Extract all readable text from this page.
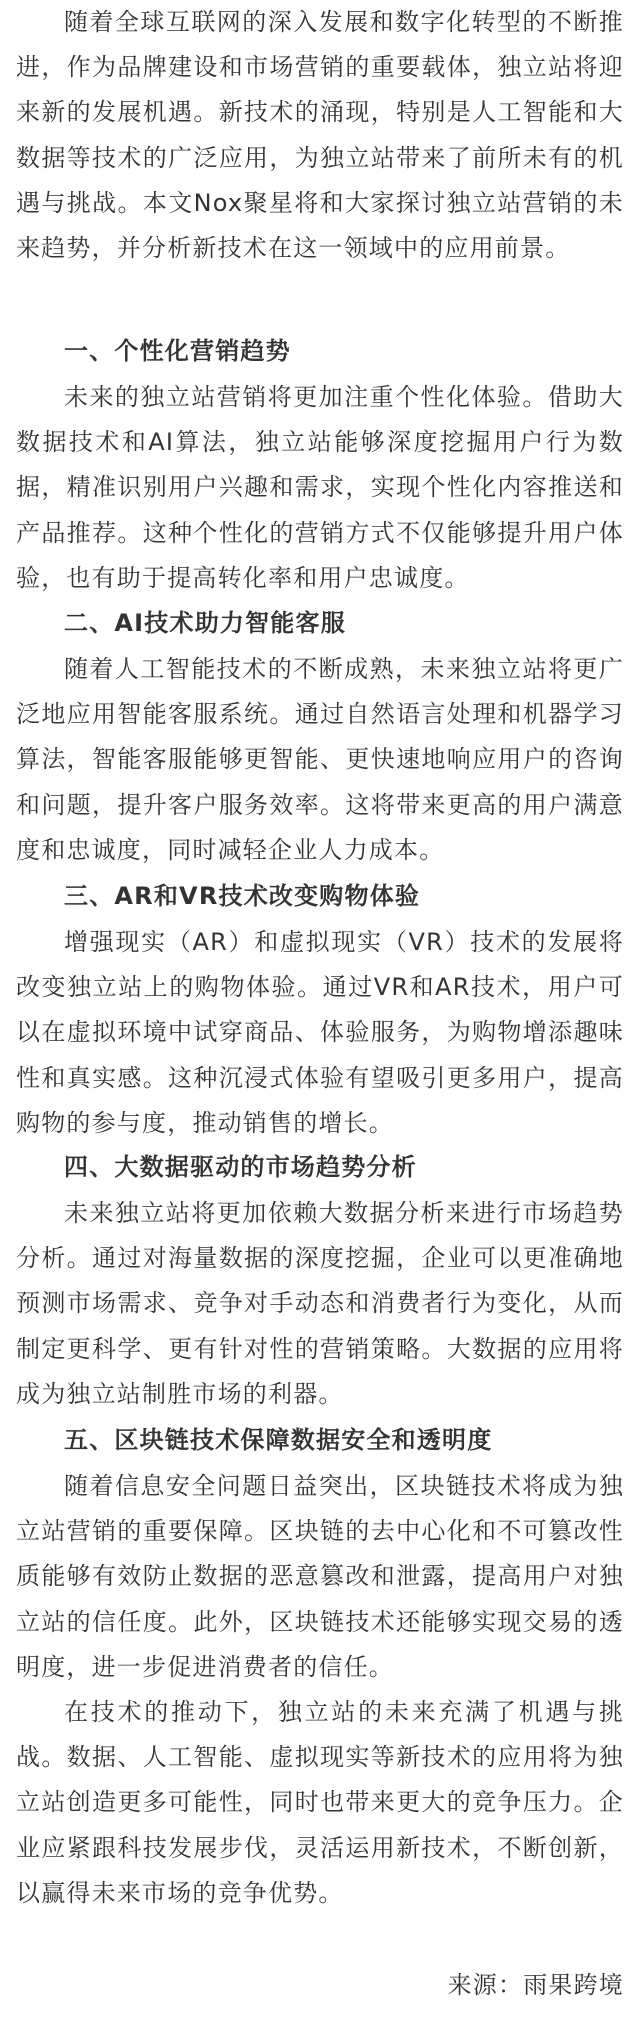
随着全球互联网的深入发展和数字化转型的不断推进，作为品牌建设和市场营销的重要载体，独立站将迎来新的发展机遇。新技术的涌现，特别是人工智能和大数据等技术的广泛应用，为独立站带来了前所未有的机遇与挑战。本文Nox聚星将和大家探讨独立站营销的未来趋势，并分析新技术在这一领域中的应用前景。

一、个性化营销趋势

未来的独立站营销将更加注重个性化体验。借助大数据技术和AI算法，独立站能够深度挖掘用户行为数据，精准识别用户兴趣和需求，实现个性化内容推送和产品推荐。这种个性化的营销方式不仅能够提升用户体验，也有助于提高转化率和用户忠诚度。

二、AI技术助力智能客服

随着人工智能技术的不断成熟，未来独立站将更广泛地应用智能客服系统。通过自然语言处理和机器学习算法，智能客服能够更智能、更快速地响应用户的咨询和问题，提升客户服务效率。这将带来更高的用户满意度和忠诚度，同时减轻企业人力成本。

三、AR和VR技术改变购物体验

增强现实（AR）和虚拟现实（VR）技术的发展将改变独立站上的购物体验。通过VR和AR技术，用户可以在虚拟环境中试穿商品、体验服务，为购物增添趣味性和真实感。这种沉浸式体验有望吸引更多用户，提高购物的参与度，推动销售的增长。

四、大数据驱动的市场趋势分析

未来独立站将更加依赖大数据分析来进行市场趋势分析。通过对海量数据的深度挖掘，企业可以更准确地预测市场需求、竞争对手动态和消费者行为变化，从而制定更科学、更有针对性的营销策略。大数据的应用将成为独立站制胜市场的利器。

五、区块链技术保障数据安全和透明度

随着信息安全问题日益突出，区块链技术将成为独立站营销的重要保障。区块链的去中心化和不可篡改性质能够有效防止数据的恶意篡改和泄露，提高用户对独立站的信任度。此外，区块链技术还能够实现交易的透明度，进一步促进消费者的信任。

在技术的推动下，独立站的未来充满了机遇与挑战。数据、人工智能、虚拟现实等新技术的应用将为独立站创造更多可能性，同时也带来更大的竞争压力。企业应紧跟科技发展步伐，灵活运用新技术，不断创新，以赢得未来市场的竞争优势。

来源：雨果跨境
